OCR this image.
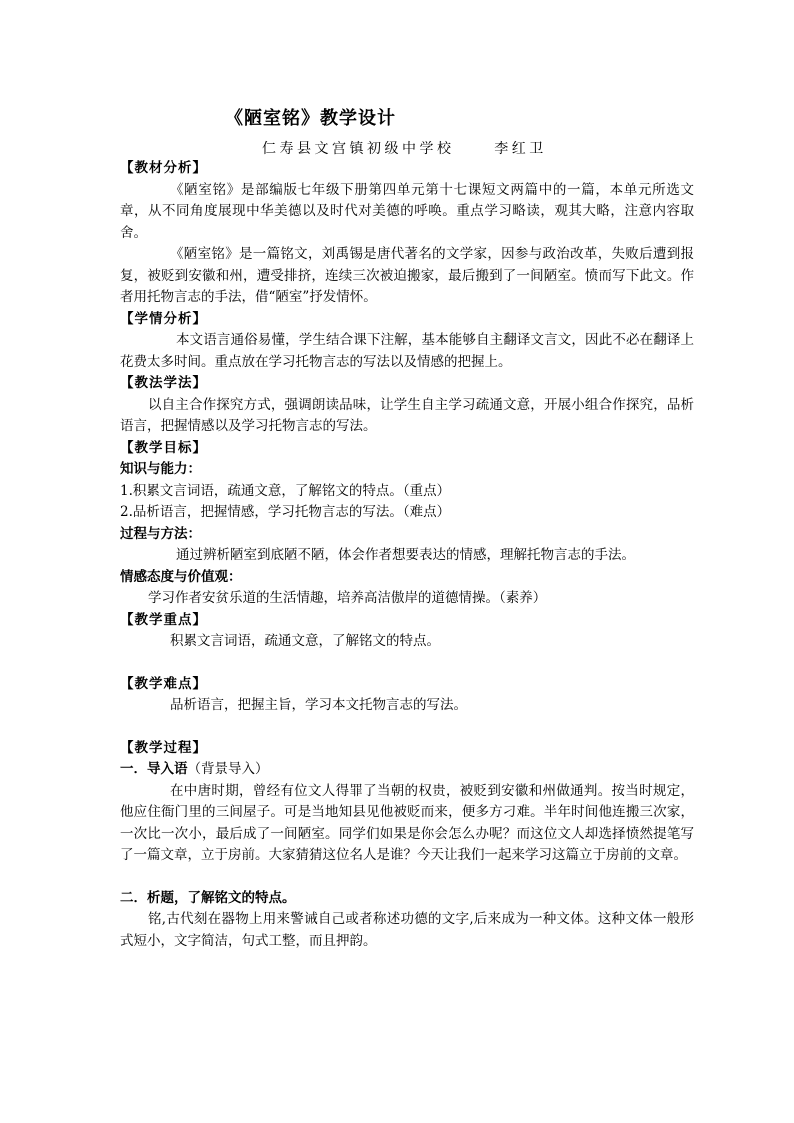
《陋室铭》教学设计
仁寿县文宫镇初级中学校     李红卫

【教材分析】

《陋室铭》是部编版七年级下册第四单元第十七课短文两篇中的一篇，本单元所选文章，从不同角度展现中华美德以及时代对美德的呼唤。重点学习略读，观其大略，注意内容取舍。

《陋室铭》是一篇铭文，刘禹锡是唐代著名的文学家，因参与政治改革，失败后遭到报复，被贬到安徽和州，遭受排挤，连续三次被迫搬家，最后搬到了一间陋室。愤而写下此文。作者用托物言志的手法，借“陋室”抒发情怀。

【学情分析】

本文语言通俗易懂，学生结合课下注解，基本能够自主翻译文言文，因此不必在翻译上花费太多时间。重点放在学习托物言志的写法以及情感的把握上。

【教法学法】

以自主合作探究方式，强调朗读品味，让学生自主学习疏通文意，开展小组合作探究，品析语言，把握情感以及学习托物言志的写法。

【教学目标】

知识与能力：

1.积累文言词语，疏通文意，了解铭文的特点。（重点）

2.品析语言，把握情感，学习托物言志的写法。（难点）

过程与方法：

通过辨析陋室到底陋不陋，体会作者想要表达的情感，理解托物言志的手法。

情感态度与价值观：

学习作者安贫乐道的生活情趣，培养高洁傲岸的道德情操。（素养）

【教学重点】

积累文言词语，疏通文意，了解铭文的特点。

【教学难点】

品析语言，把握主旨，学习本文托物言志的写法。

【教学过程】

一．导入语（背景导入）

在中唐时期，曾经有位文人得罪了当朝的权贵，被贬到安徽和州做通判。按当时规定，他应住衙门里的三间屋子。可是当地知县见他被贬而来，便多方刁难。半年时间他连搬三次家，一次比一次小，最后成了一间陋室。同学们如果是你会怎么办呢？而这位文人却选择愤然提笔写了一篇文章，立于房前。大家猜猜这位名人是谁？今天让我们一起来学习这篇立于房前的文章。

二．析题，了解铭文的特点。

铭,古代刻在器物上用来警诫自己或者称述功德的文字,后来成为一种文体。这种文体一般形式短小，文字简洁，句式工整，而且押韵。
